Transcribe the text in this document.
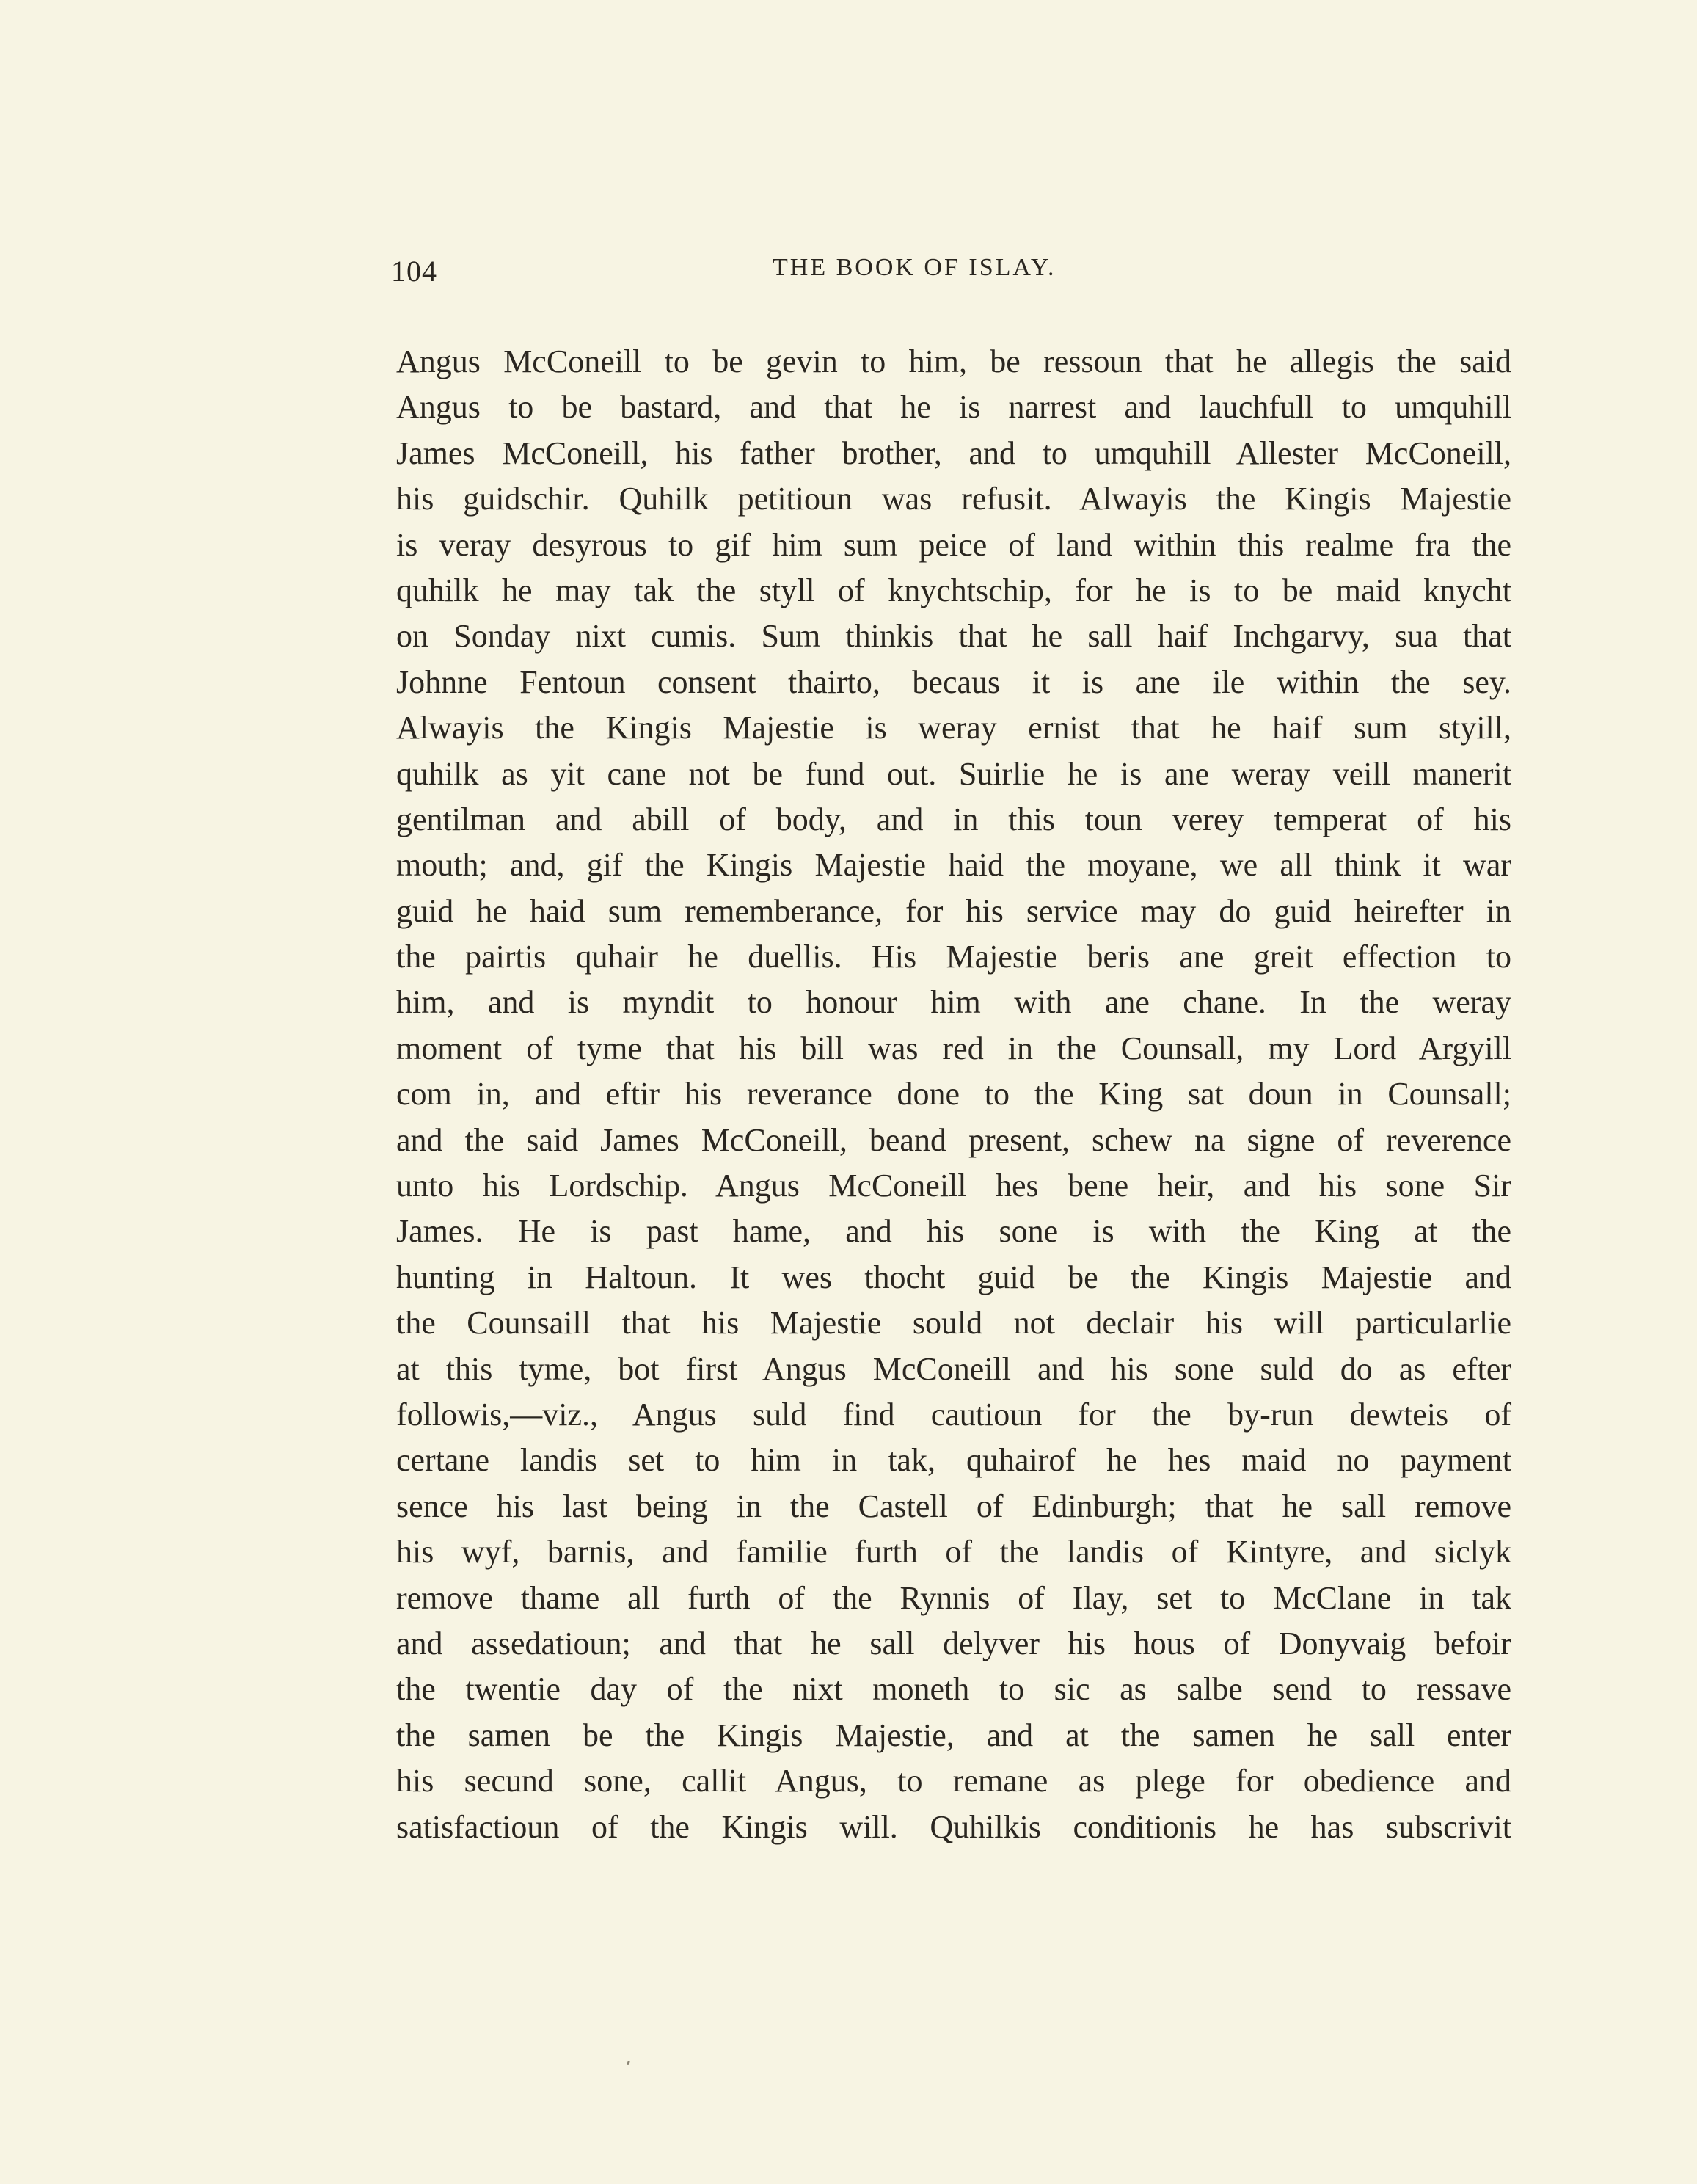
104	THE BOOK OF ISLAY.
Angus McConeill to be gevin to him, be ressoun that he allegis the said
Angus to be bastard, and that he is narrest and lauchfull to umquhill
James McConeill, his father brother, and to umquhill Allester McConeill,
his guidschir. Quhilk petitioun was refusit. Alwayis the Kingis Majestie
is veray desyrous to gif him sum peice of land within this realme fra the
quhilk he may tak the styll of knychtschip, for he is to be maid knycht
on Sonday nixt cumis. Sum thinkis that he sall haif Inchgarvy, sua that
Johnne Fentoun consent thairto, becaus it is ane ile within the sey.
Alwayis the Kingis Majestie is weray ernist that he haif sum styill,
quhilk as yit cane not be fund out. Suirlie he is ane weray veill manerit
gentilman and abill of body, and in this toun verey temperat of his
mouth; and, gif the Kingis Majestie haid the moyane, we all think it war
guid he haid sum rememberance, for his service may do guid heirefter in
the pairtis quhair he duellis. His Majestie beris ane greit effection to
him, and is myndit to honour him with ane chane. In the weray
moment of tyme that his bill was red in the Counsall, my Lord Argyill
com in, and eftir his reverance done to the King sat doun in Counsall;
and the said James McConeill, beand present, schew na signe of reverence
unto his Lordschip. Angus McConeill hes bene heir, and his sone Sir
James. He is past hame, and his sone is with the King at the
hunting in Haltoun. It wes thocht guid be the Kingis Majestie and
the Counsaill that his Majestie sould not declair his will particularlie
at this tyme, bot first Angus McConeill and his sone suld do as efter
followis,—viz., Angus suld find cautioun for the by-run dewteis of
certane landis set to him in tak, quhairof he hes maid no payment
sence his last being in the Castell of Edinburgh; that he sall remove
his wyf, barnis, and familie furth of the landis of Kintyre, and siclyk
remove thame all furth of the Rynnis of Ilay, set to McClane in tak
and assedatioun; and that he sall delyver his hous of Donyvaig befoir
the twentie day of the nixt moneth to sic as salbe send to ressave
the samen be the Kingis Majestie, and at the samen he sall enter
his secund sone, callit Angus, to remane as plege for obedience and
satisfactioun of the Kingis will. Quhilkis conditionis he has subscrivit
